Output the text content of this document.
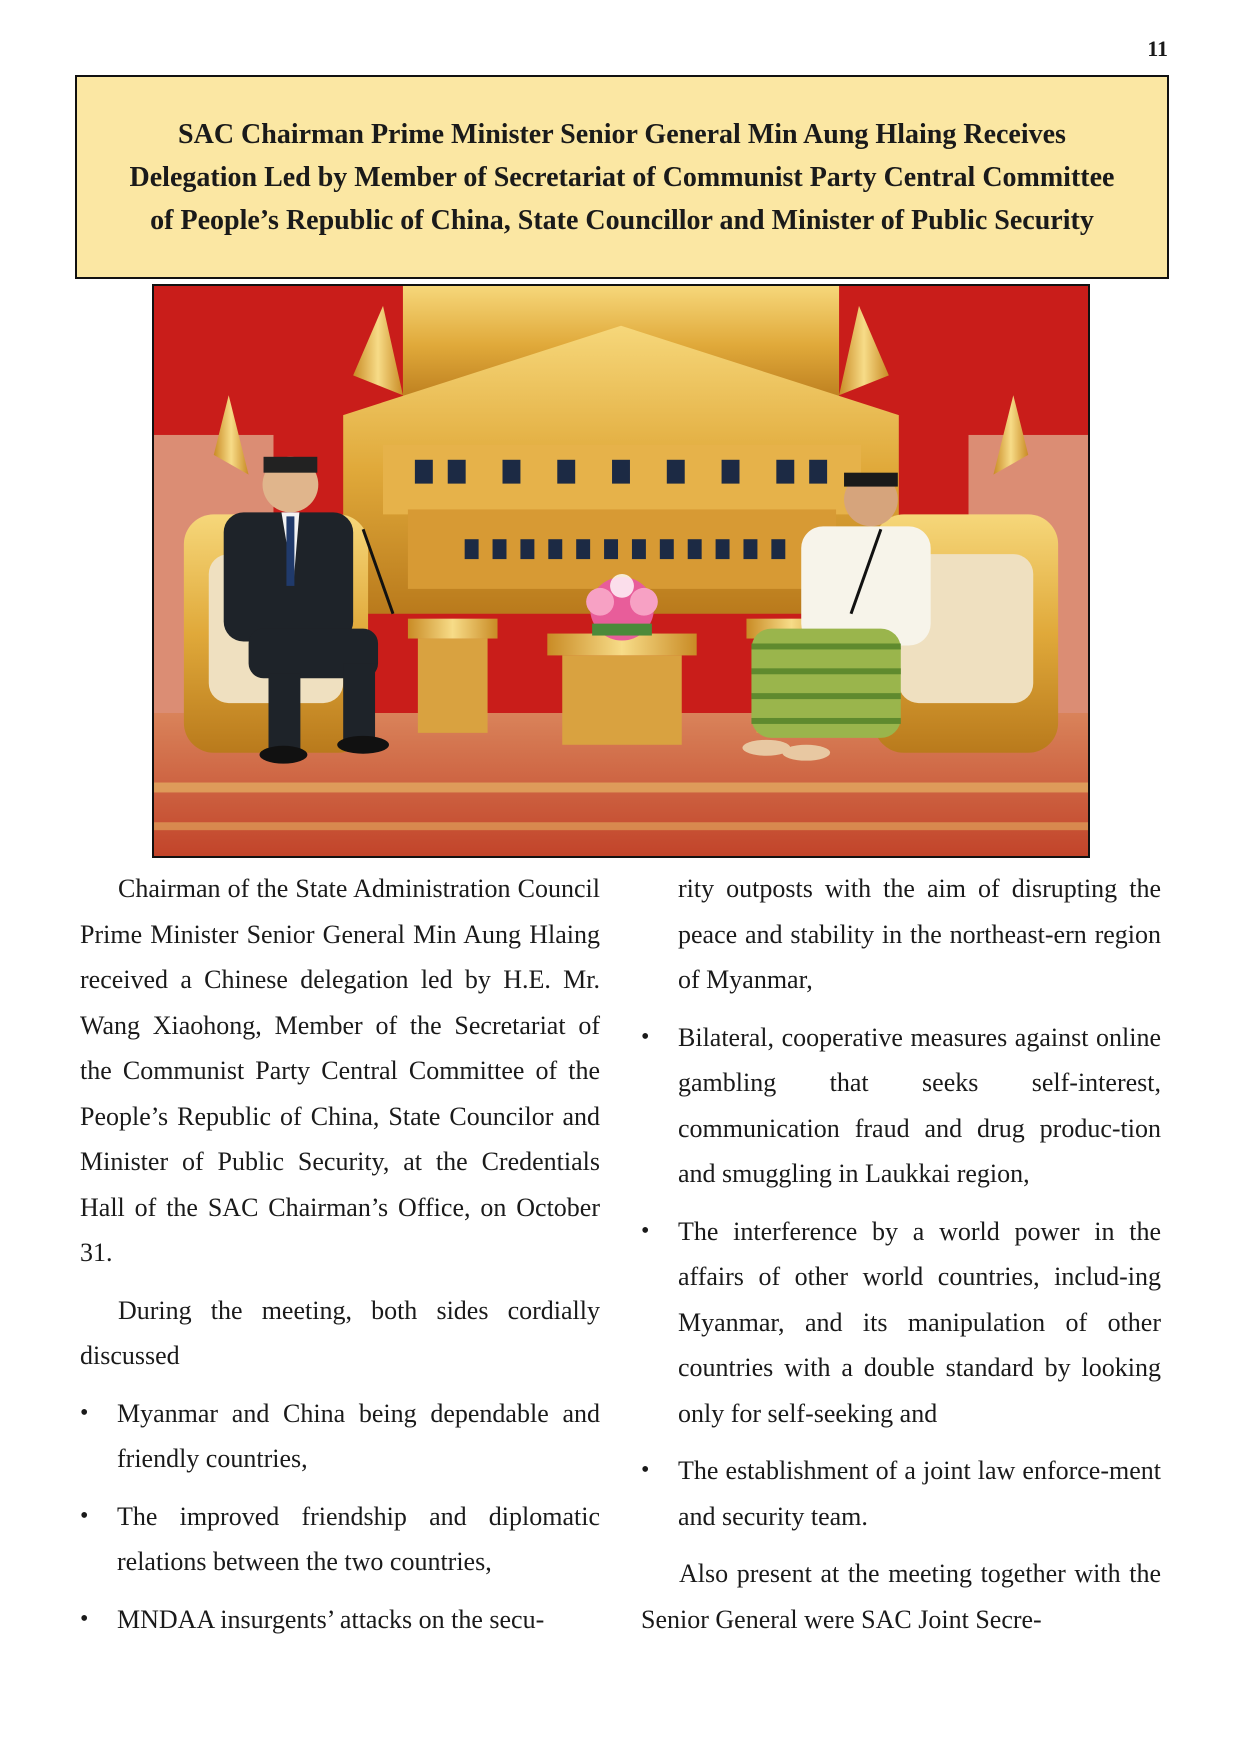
11
SAC Chairman Prime Minister Senior General Min Aung Hlaing Receives Delegation Led by Member of Secretariat of Communist Party Central Committee of People’s Republic of China, State Councillor and Minister of Public Security

Chairman of the State Administration Council Prime Minister Senior General Min Aung Hlaing received a Chinese delegation led by H.E. Mr. Wang Xiaohong, Member of the Secretariat of the Communist Party Central Committee of the People’s Republic of China, State Councilor and Minister of Public Security, at the Credentials Hall of the SAC Chairman’s Office, on October 31.

During the meeting, both sides cordially discussed

• Myanmar and China being dependable and friendly countries,

• The improved friendship and diplomatic relations between the two countries,

• MNDAA insurgents’ attacks on the secu-

rity outposts with the aim of disrupting the peace and stability in the northeast-ern region of Myanmar,

• Bilateral, cooperative measures against online gambling that seeks self-interest, communication fraud and drug produc-tion and smuggling in Laukkai region,

• The interference by a world power in the affairs of other world countries, includ-ing Myanmar, and its manipulation of other countries with a double standard by looking only for self-seeking and

• The establishment of a joint law enforce-ment and security team.

Also present at the meeting together with the Senior General were SAC Joint Secre-
